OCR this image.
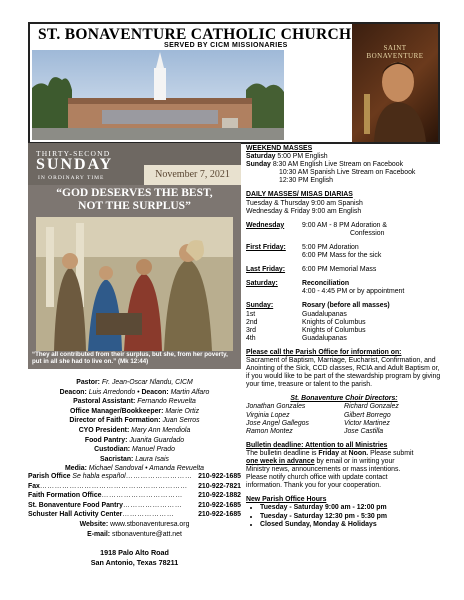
ST. BONAVENTURE CATHOLIC CHURCH
SERVED BY CICM MISSIONARIES	SAINT
BONAVENTURE
THIRTY-SECOND
SUNDAY
IN ORDINARY TIME	November 7, 2021
“GOD DESERVES THE BEST,
NOT THE SURPLUS”
“They all contributed from their surplus, but she, from her poverty, put in all she had to live on.” (Mk 12:44)
Pastor: Fr. Jean-Oscar Nlandu, CICM
Deacon: Luis Arredondo • Deacon: Martin Alfaro
Pastoral Assistant: Fernando Revuelta
Office Manager/Bookkeeper: Marie Ortiz
Director of Faith Formation: Juan Serros
CYO President: Mary Ann Mendiola
Food Pantry: Juanita Guardado
Custodian: Manuel Prado
Sacristan: Laura Isais
Media: Michael Sandoval • Amanda Revuelta
Parish Office Se habla español ……………………… 210-922-1685
Fax ……………………………………………………	210-922-7821
Faith Formation Office ……………………………	210-922-1882
St. Bonaventure Food Pantry ……………………	210-922-1685
Schuster Hall Activity Center …………………	210-922-1685
Website: www.stbonaventuresa.org
E-mail: stbonaventure@att.net
1918 Palo Alto Road
San Antonio, Texas 78211
WEEKEND MASSES
Saturday 5:00 PM English
Sunday 8:30 AM English Live Stream on Facebook
10:30 AM Spanish Live Stream on Facebook
12:30 PM English
DAILY MASSES/ MISAS DIARIAS
Tuesday & Thursday 9:00 am Spanish
Wednesday & Friday 9:00 am English
Wednesday	9:00 AM - 8 PM Adoration &
Confession
First Friday:	5:00 PM Adoration
6:00 PM Mass for the sick
Last Friday:	6:00 PM Memorial Mass
Saturday:	Reconciliation
4:00 - 4:45 PM or by appointment
Sunday:	Rosary (before all masses)
1st	Guadalupanas
2nd	Knights of Columbus
3rd	Knights of Columbus
4th	Guadalupanas
Please call the Parish Office for information on:
Sacrament of Baptism, Marriage, Eucharist, Confirmation, and Anointing of the Sick, CCD classes, RCIA and Adult Baptism or, if you would like to be part of the stewardship program by giving your time, treasure or talent to the parish.
St. Bonaventure Choir Directors:
Jonathan Gonzales	Richard Gonzalez
Virginia Lopez	Gilbert Borrego
Jose Angel Gallegos	Victor Martinez
Ramon Montez	Jose Castilla
Bulletin deadline: Attention to all Ministries
The bulletin deadline is Friday at Noon. Please submit
one week in advance by email or in writing your
Ministry news, announcements or mass intentions.
Please notify church office with update contact
information. Thank you for your cooperation.
New Parish Office Hours
• Tuesday - Saturday 9:00 am - 12:00 pm
• Tuesday - Saturday 12:30 pm - 5:30 pm
• Closed Sunday, Monday & Holidays
